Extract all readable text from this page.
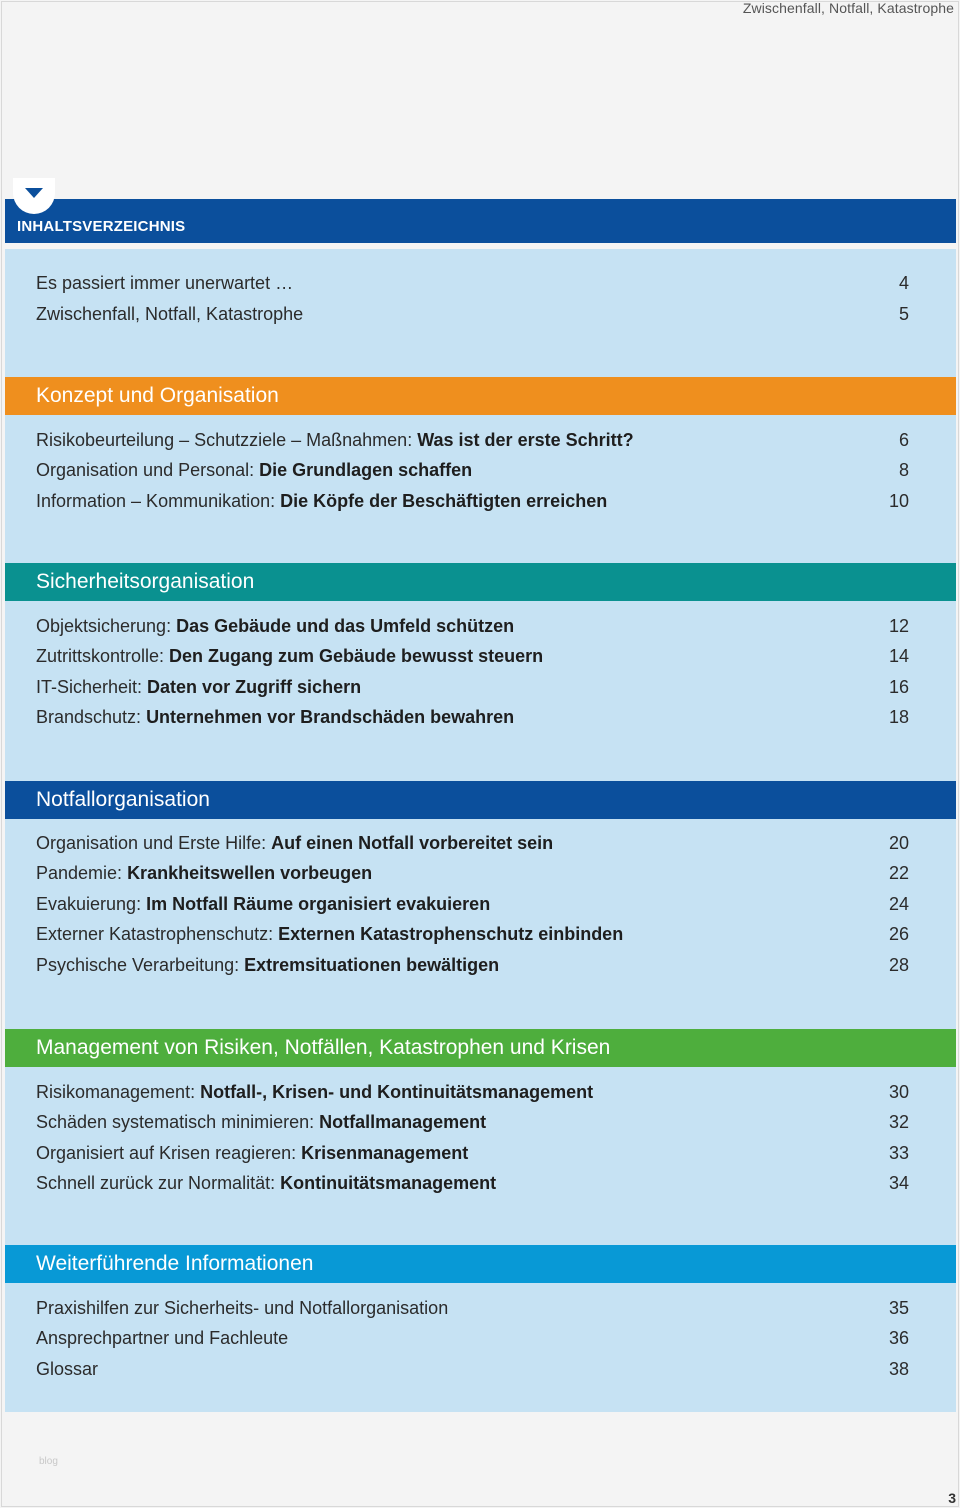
Zwischenfall, Notfall, Katastrophe
INHALTSVERZEICHNIS
Es passiert immer unerwartet …	4
Zwischenfall, Notfall, Katastrophe	5
Konzept und Organisation
Risikobeurteilung – Schutzziele – Maßnahmen: Was ist der erste Schritt?	6
Organisation und Personal: Die Grundlagen schaffen	8
Information – Kommunikation: Die Köpfe der Beschäftigten erreichen	10
Sicherheitsorganisation
Objektsicherung: Das Gebäude und das Umfeld schützen	12
Zutrittskontrolle: Den Zugang zum Gebäude bewusst steuern	14
IT-Sicherheit: Daten vor Zugriff sichern	16
Brandschutz: Unternehmen vor Brandschäden bewahren	18
Notfallorganisation
Organisation und Erste Hilfe: Auf einen Notfall vorbereitet sein	20
Pandemie: Krankheitswellen vorbeugen	22
Evakuierung: Im Notfall Räume organisiert evakuieren	24
Externer Katastrophenschutz: Externen Katastrophenschutz einbinden	26
Psychische Verarbeitung: Extremsituationen bewältigen	28
Management von Risiken, Notfällen, Katastrophen und Krisen
Risikomanagement: Notfall-, Krisen- und Kontinuitätsmanagement	30
Schäden systematisch minimieren: Notfallmanagement	32
Organisiert auf Krisen reagieren: Krisenmanagement	33
Schnell zurück zur Normalität: Kontinuitätsmanagement	34
Weiterführende Informationen
Praxishilfen zur Sicherheits- und Notfallorganisation	35
Ansprechpartner und Fachleute	36
Glossar	38
blog
3
